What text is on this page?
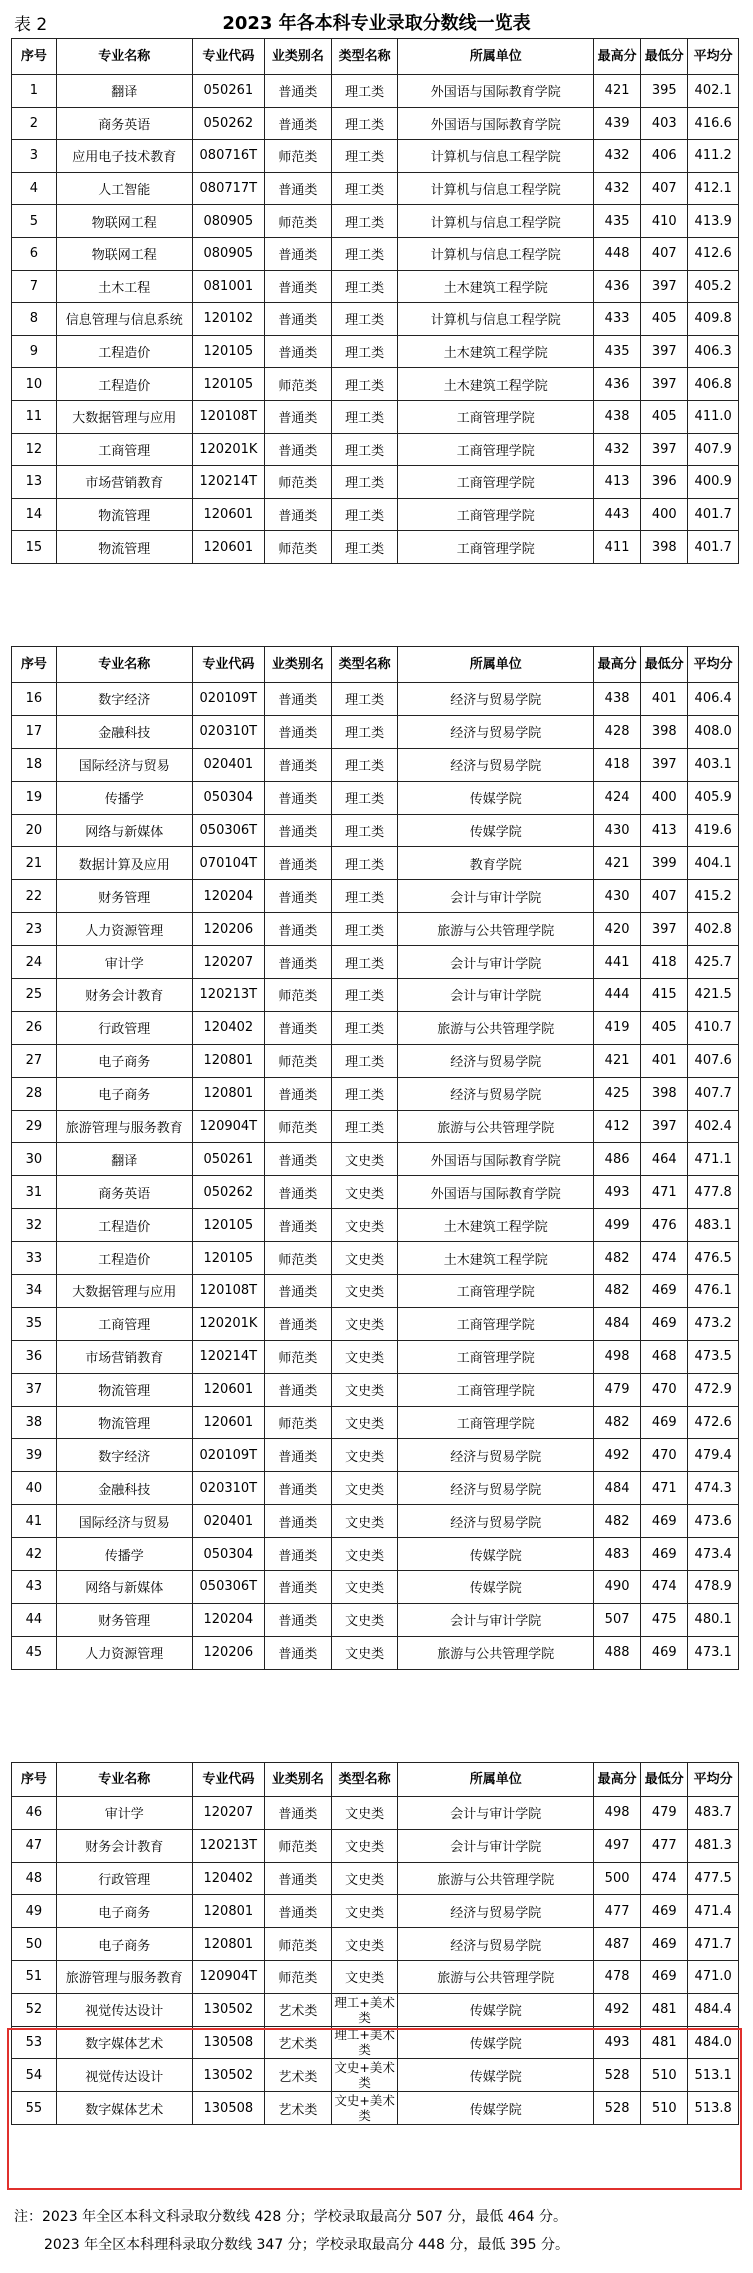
表 2	2023 年各本科专业录取分数线一览表
序号	专业名称	专业代码	业类别名	类型名称	所属单位	最高分	最低分	平均分
1	翻译	050261	普通类	理工类	外国语与国际教育学院	421	395	402.1
2	商务英语	050262	普通类	理工类	外国语与国际教育学院	439	403	416.6
3	应用电子技术教育	080716T	师范类	理工类	计算机与信息工程学院	432	406	411.2
4	人工智能	080717T	普通类	理工类	计算机与信息工程学院	432	407	412.1
5	物联网工程	080905	师范类	理工类	计算机与信息工程学院	435	410	413.9
6	物联网工程	080905	普通类	理工类	计算机与信息工程学院	448	407	412.6
7	土木工程	081001	普通类	理工类	土木建筑工程学院	436	397	405.2
8	信息管理与信息系统	120102	普通类	理工类	计算机与信息工程学院	433	405	409.8
9	工程造价	120105	普通类	理工类	土木建筑工程学院	435	397	406.3
10	工程造价	120105	师范类	理工类	土木建筑工程学院	436	397	406.8
11	大数据管理与应用	120108T	普通类	理工类	工商管理学院	438	405	411.0
12	工商管理	120201K	普通类	理工类	工商管理学院	432	397	407.9
13	市场营销教育	120214T	师范类	理工类	工商管理学院	413	396	400.9
14	物流管理	120601	普通类	理工类	工商管理学院	443	400	401.7
15	物流管理	120601	师范类	理工类	工商管理学院	411	398	401.7
序号	专业名称	专业代码	业类别名	类型名称	所属单位	最高分	最低分	平均分
16	数字经济	020109T	普通类	理工类	经济与贸易学院	438	401	406.4
17	金融科技	020310T	普通类	理工类	经济与贸易学院	428	398	408.0
18	国际经济与贸易	020401	普通类	理工类	经济与贸易学院	418	397	403.1
19	传播学	050304	普通类	理工类	传媒学院	424	400	405.9
20	网络与新媒体	050306T	普通类	理工类	传媒学院	430	413	419.6
21	数据计算及应用	070104T	普通类	理工类	教育学院	421	399	404.1
22	财务管理	120204	普通类	理工类	会计与审计学院	430	407	415.2
23	人力资源管理	120206	普通类	理工类	旅游与公共管理学院	420	397	402.8
24	审计学	120207	普通类	理工类	会计与审计学院	441	418	425.7
25	财务会计教育	120213T	师范类	理工类	会计与审计学院	444	415	421.5
26	行政管理	120402	普通类	理工类	旅游与公共管理学院	419	405	410.7
27	电子商务	120801	师范类	理工类	经济与贸易学院	421	401	407.6
28	电子商务	120801	普通类	理工类	经济与贸易学院	425	398	407.7
29	旅游管理与服务教育	120904T	师范类	理工类	旅游与公共管理学院	412	397	402.4
30	翻译	050261	普通类	文史类	外国语与国际教育学院	486	464	471.1
31	商务英语	050262	普通类	文史类	外国语与国际教育学院	493	471	477.8
32	工程造价	120105	普通类	文史类	土木建筑工程学院	499	476	483.1
33	工程造价	120105	师范类	文史类	土木建筑工程学院	482	474	476.5
34	大数据管理与应用	120108T	普通类	文史类	工商管理学院	482	469	476.1
35	工商管理	120201K	普通类	文史类	工商管理学院	484	469	473.2
36	市场营销教育	120214T	师范类	文史类	工商管理学院	498	468	473.5
37	物流管理	120601	普通类	文史类	工商管理学院	479	470	472.9
38	物流管理	120601	师范类	文史类	工商管理学院	482	469	472.6
39	数字经济	020109T	普通类	文史类	经济与贸易学院	492	470	479.4
40	金融科技	020310T	普通类	文史类	经济与贸易学院	484	471	474.3
41	国际经济与贸易	020401	普通类	文史类	经济与贸易学院	482	469	473.6
42	传播学	050304	普通类	文史类	传媒学院	483	469	473.4
43	网络与新媒体	050306T	普通类	文史类	传媒学院	490	474	478.9
44	财务管理	120204	普通类	文史类	会计与审计学院	507	475	480.1
45	人力资源管理	120206	普通类	文史类	旅游与公共管理学院	488	469	473.1
序号	专业名称	专业代码	业类别名	类型名称	所属单位	最高分	最低分	平均分
46	审计学	120207	普通类	文史类	会计与审计学院	498	479	483.7
47	财务会计教育	120213T	师范类	文史类	会计与审计学院	497	477	481.3
48	行政管理	120402	普通类	文史类	旅游与公共管理学院	500	474	477.5
49	电子商务	120801	普通类	文史类	经济与贸易学院	477	469	471.4
50	电子商务	120801	师范类	文史类	经济与贸易学院	487	469	471.7
51	旅游管理与服务教育	120904T	师范类	文史类	旅游与公共管理学院	478	469	471.0
52	视觉传达设计	130502	艺术类	理工+美术类	传媒学院	492	481	484.4
53	数字媒体艺术	130508	艺术类	理工+美术类	传媒学院	493	481	484.0
54	视觉传达设计	130502	艺术类	文史+美术类	传媒学院	528	510	513.1
55	数字媒体艺术	130508	艺术类	文史+美术类	传媒学院	528	510	513.8
注：2023 年全区本科文科录取分数线 428 分；学校录取最高分 507 分，最低 464 分。
2023 年全区本科理科录取分数线 347 分；学校录取最高分 448 分，最低 395 分。
